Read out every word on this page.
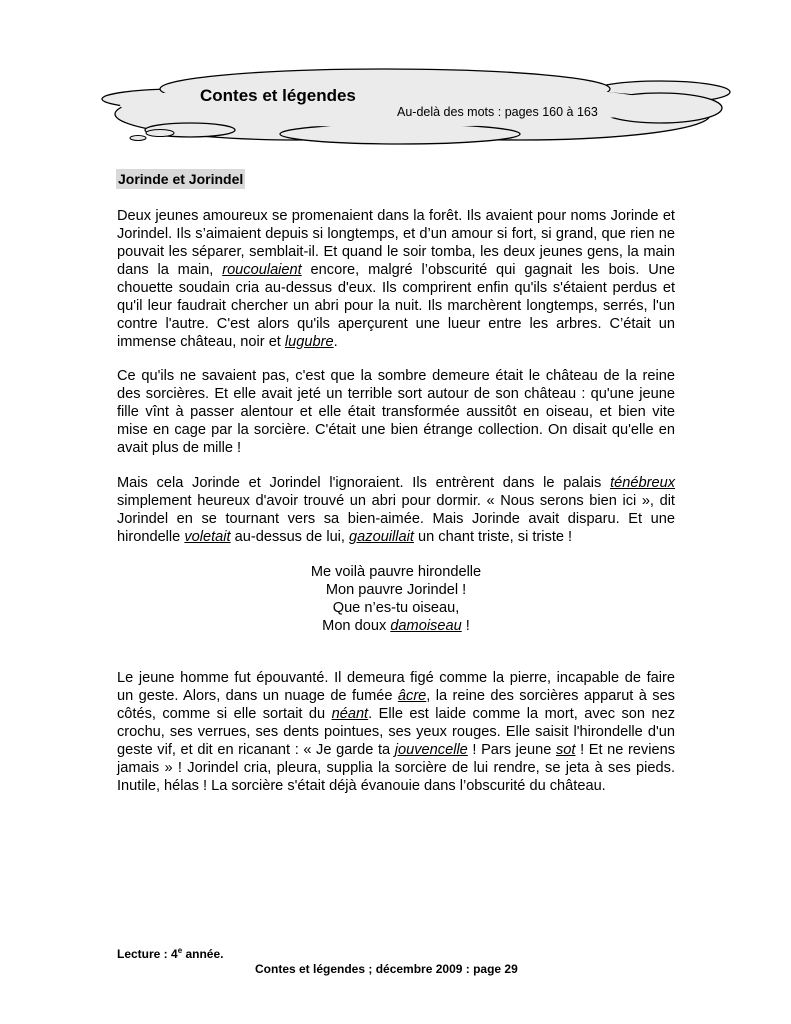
Contes et légendes
Au-delà des mots : pages 160 à 163
Jorinde et Jorindel

Deux jeunes amoureux se promenaient dans la forêt. Ils avaient pour noms Jorinde et Jorindel. Ils s’aimaient depuis si longtemps, et d’un amour si fort, si grand, que rien ne pouvait les séparer, semblait-il. Et quand le soir tomba, les deux jeunes gens, la main dans la main, roucoulaient encore, malgré l’obscurité qui gagnait les bois. Une chouette soudain cria au-dessus d'eux. Ils comprirent enfin qu'ils s'étaient perdus et qu'il leur faudrait chercher un abri pour la nuit. Ils marchèrent longtemps, serrés, l'un contre l'autre. C'est alors qu'ils aperçurent une lueur entre les arbres. C’était un immense château, noir et lugubre.

Ce qu'ils ne savaient pas, c'est que la sombre demeure était le château de la reine des sorcières. Et elle avait jeté un terrible sort autour de son château : qu'une jeune fille vînt à passer alentour et elle était transformée aussitôt en oiseau, et bien vite mise en cage par la sorcière. C'était une bien étrange collection. On disait qu'elle en avait plus de mille !

Mais cela Jorinde et Jorindel l'ignoraient. Ils entrèrent dans le palais ténébreux simplement heureux d'avoir trouvé un abri pour dormir. « Nous serons bien ici », dit Jorindel en se tournant vers sa bien-aimée. Mais Jorinde avait disparu. Et une hirondelle voletait au-dessus de lui, gazouillait un chant triste, si triste !

Me voilà pauvre hirondelle
Mon pauvre Jorindel !
Que n’es-tu oiseau,
Mon doux damoiseau !

Le jeune homme fut épouvanté. Il demeura figé comme la pierre, incapable de faire un geste. Alors, dans un nuage de fumée âcre, la reine des sorcières apparut à ses côtés, comme si elle sortait du néant. Elle est laide comme la mort, avec son nez crochu, ses verrues, ses dents pointues, ses yeux rouges. Elle saisit l'hirondelle d'un geste vif, et dit en ricanant : « Je garde ta jouvencelle ! Pars jeune sot ! Et ne reviens jamais » ! Jorindel cria, pleura, supplia la sorcière de lui rendre, se jeta à ses pieds. Inutile, hélas ! La sorcière s'était déjà évanouie dans l’obscurité du château.

Lecture : 4e année.
Contes et légendes ; décembre 2009 : page 29
